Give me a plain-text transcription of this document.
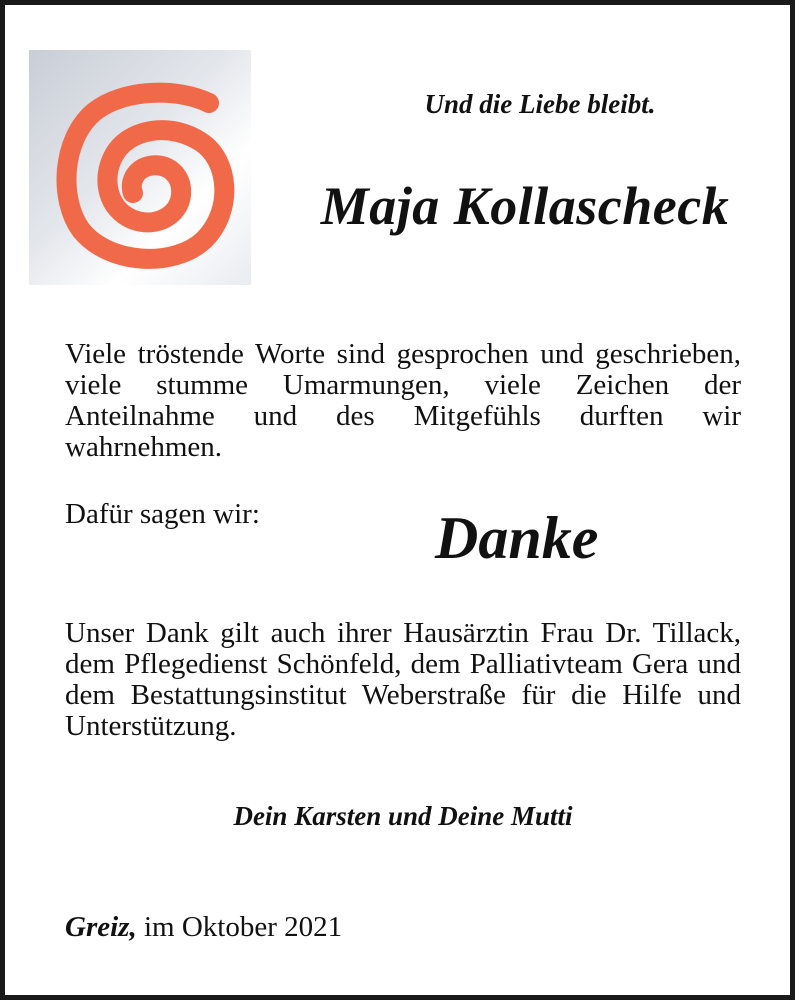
Und die Liebe bleibt.
Maja Kollascheck
Viele tröstende Worte sind gesprochen und geschrieben, viele stumme Umarmungen, viele Zeichen der Anteilnahme und des Mitgefühls durften wir wahrnehmen.
Dafür sagen wir:	Danke
Unser Dank gilt auch ihrer Hausärztin Frau Dr. Tillack, dem Pflegedienst Schönfeld, dem Palliativteam Gera und dem Bestattungsinstitut Weberstraße für die Hilfe und Unterstützung.
Dein Karsten und Deine Mutti
Greiz, im Oktober 2021
